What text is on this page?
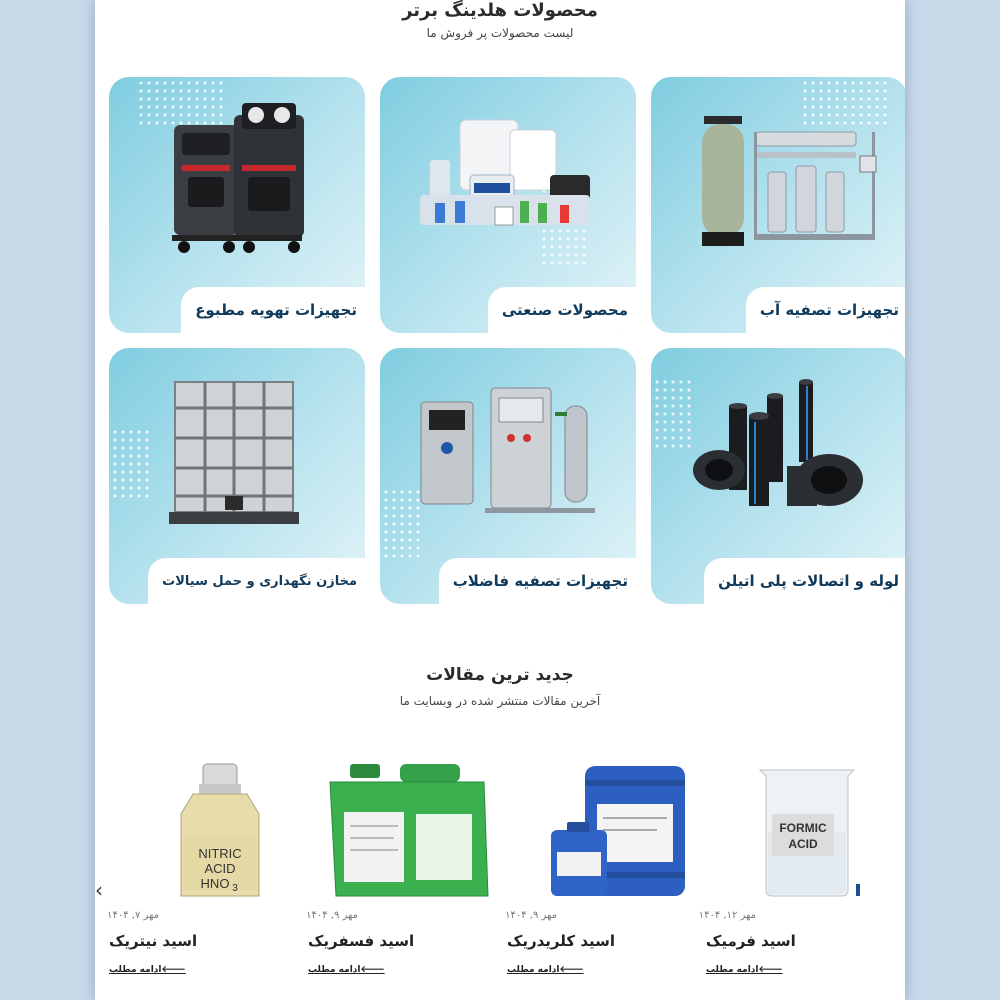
محصولات هلدینگ برتر
لیست محصولات پر فروش ما
تجهیزات تهویه مطبوع	محصولات صنعتی	تجهیزات تصفیه آب
مخازن نگهداری و حمل سیالات	تجهیزات تصفیه فاضلاب	لوله و اتصالات پلی اتیلن
جدید ترین مقالات
آخرین مقالات منتشر شده در وبسایت ما
‹
NITRIC
ACID
HNO 3
مهر ۷, ۱۴۰۴
اسید نیتریک
🡐ادامه مطلب
مهر ۹, ۱۴۰۴
اسید فسفریک
🡐ادامه مطلب
مهر ۹, ۱۴۰۴
اسید کلریدریک
🡐ادامه مطلب
FORMIC
ACID
مهر ۱۲, ۱۴۰۴
اسید فرمیک
🡐ادامه مطلب
